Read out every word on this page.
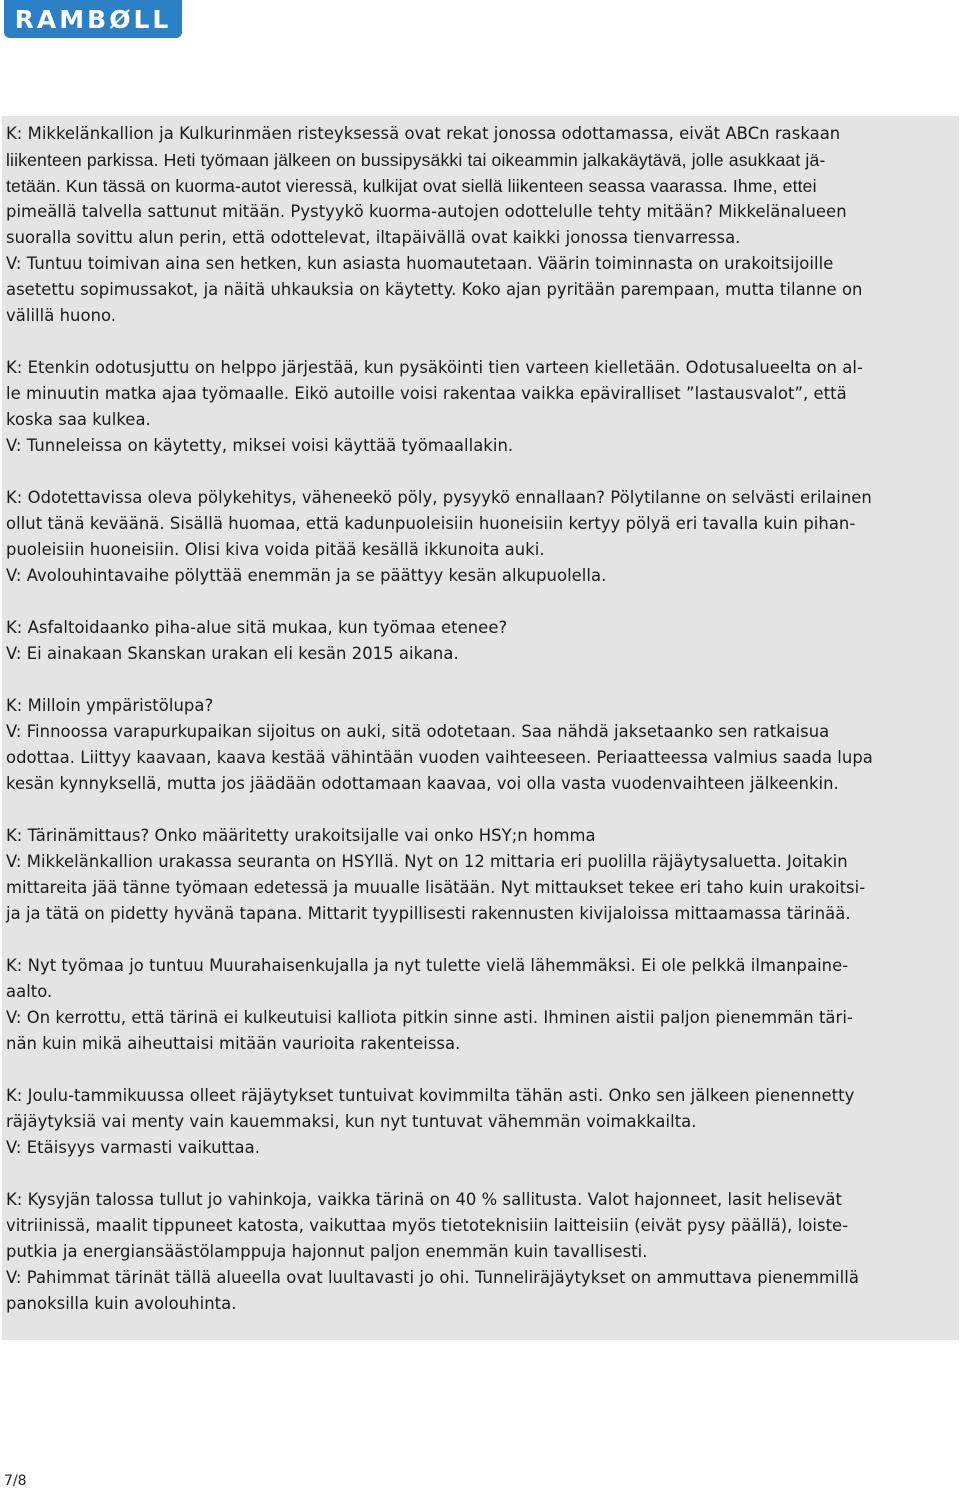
RAMBØLL

K: Mikkelänkallion ja Kulkurinmäen risteyksessä ovat rekat jonossa odottamassa, eivät ABCn raskaan

liikenteen parkissa. Heti työmaan jälkeen on bussipysäkki tai oikeammin jalkakäytävä, jolle asukkaat jä-

tetään. Kun tässä on kuorma-autot vieressä, kulkijat ovat siellä liikenteen seassa vaarassa. Ihme, ettei

pimeällä talvella sattunut mitään. Pystyykö kuorma-autojen odottelulle tehty mitään? Mikkelänalueen

suoralla sovittu alun perin, että odottelevat, iltapäivällä ovat kaikki jonossa tienvarressa.

V: Tuntuu toimivan aina sen hetken, kun asiasta huomautetaan. Väärin toiminnasta on urakoitsijoille

asetettu sopimussakot, ja näitä uhkauksia on käytetty. Koko ajan pyritään parempaan, mutta tilanne on

välillä huono.

K: Etenkin odotusjuttu on helppo järjestää, kun pysäköinti tien varteen kielletään. Odotusalueelta on al-

le minuutin matka ajaa työmaalle. Eikö autoille voisi rakentaa vaikka epäviralliset ”lastausvalot”, että

koska saa kulkea.

V: Tunneleissa on käytetty, miksei voisi käyttää työmaallakin.

K: Odotettavissa oleva pölykehitys, väheneekö pöly, pysyykö ennallaan? Pölytilanne on selvästi erilainen

ollut tänä keväänä. Sisällä huomaa, että kadunpuoleisiin huoneisiin kertyy pölyä eri tavalla kuin pihan-

puoleisiin huoneisiin. Olisi kiva voida pitää kesällä ikkunoita auki.

V: Avolouhintavaihe pölyttää enemmän ja se päättyy kesän alkupuolella.

K: Asfaltoidaanko piha-alue sitä mukaa, kun työmaa etenee?

V: Ei ainakaan Skanskan urakan eli kesän 2015 aikana.

K: Milloin ympäristölupa?

V: Finnoossa varapurkupaikan sijoitus on auki, sitä odotetaan. Saa nähdä jaksetaanko sen ratkaisua

odottaa. Liittyy kaavaan, kaava kestää vähintään vuoden vaihteeseen. Periaatteessa valmius saada lupa

kesän kynnyksellä, mutta jos jäädään odottamaan kaavaa, voi olla vasta vuodenvaihteen jälkeenkin.

K: Tärinämittaus? Onko määritetty urakoitsijalle vai onko HSY;n homma

V: Mikkelänkallion urakassa seuranta on HSYllä. Nyt on 12 mittaria eri puolilla räjäytysaluetta. Joitakin

mittareita jää tänne työmaan edetessä ja muualle lisätään. Nyt mittaukset tekee eri taho kuin urakoitsi-

ja ja tätä on pidetty hyvänä tapana. Mittarit tyypillisesti rakennusten kivijaloissa mittaamassa tärinää.

K: Nyt työmaa jo tuntuu Muurahaisenkujalla ja nyt tulette vielä lähemmäksi. Ei ole pelkkä ilmanpaine-

aalto.

V: On kerrottu, että tärinä ei kulkeutuisi kalliota pitkin sinne asti. Ihminen aistii paljon pienemmän täri-

nän kuin mikä aiheuttaisi mitään vaurioita rakenteissa.

K: Joulu-tammikuussa olleet räjäytykset tuntuivat kovimmilta tähän asti. Onko sen jälkeen pienennetty

räjäytyksiä vai menty vain kauemmaksi, kun nyt tuntuvat vähemmän voimakkailta.

V: Etäisyys varmasti vaikuttaa.

K: Kysyjän talossa tullut jo vahinkoja, vaikka tärinä on 40 % sallitusta. Valot hajonneet, lasit helisevät

vitriinissä, maalit tippuneet katosta, vaikuttaa myös tietoteknisiin laitteisiin (eivät pysy päällä), loiste-

putkia ja energiansäästölamppuja hajonnut paljon enemmän kuin tavallisesti.

V: Pahimmat tärinät tällä alueella ovat luultavasti jo ohi. Tunneliräjäytykset on ammuttava pienemmillä

panoksilla kuin avolouhinta.

7/8
